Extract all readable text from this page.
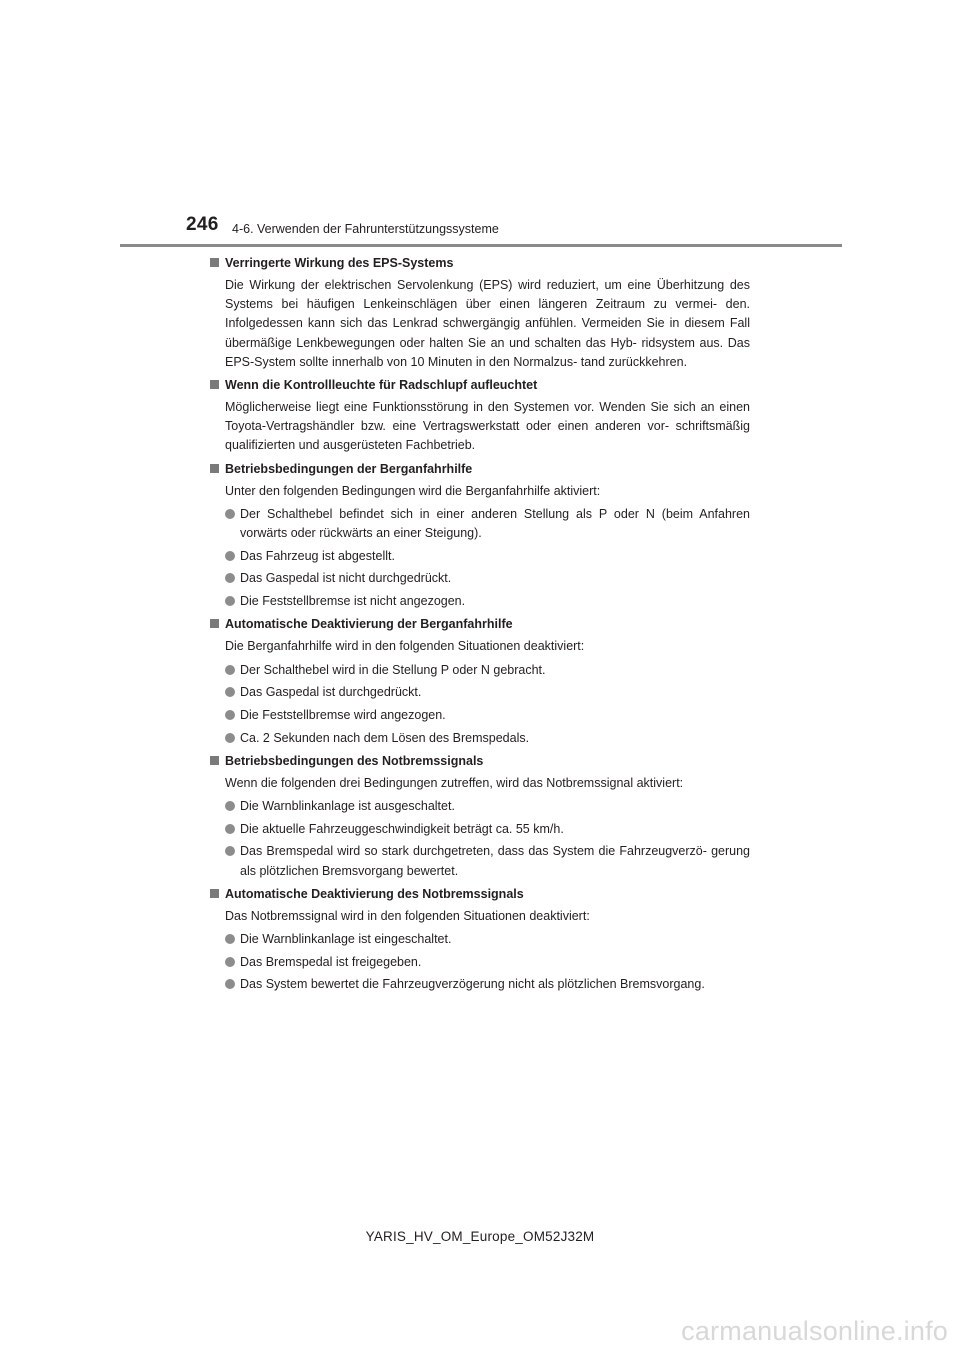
246 4-6. Verwenden der Fahrunterstützungssysteme
Verringerte Wirkung des EPS-Systems
Die Wirkung der elektrischen Servolenkung (EPS) wird reduziert, um eine Überhitzung des Systems bei häufigen Lenkeinschlägen über einen längeren Zeitraum zu vermei- den. Infolgedessen kann sich das Lenkrad schwergängig anfühlen. Vermeiden Sie in diesem Fall übermäßige Lenkbewegungen oder halten Sie an und schalten das Hyb- ridsystem aus. Das EPS-System sollte innerhalb von 10 Minuten in den Normalzus- tand zurückkehren.
Wenn die Kontrollleuchte für Radschlupf aufleuchtet
Möglicherweise liegt eine Funktionsstörung in den Systemen vor. Wenden Sie sich an einen Toyota-Vertragshändler bzw. eine Vertragswerkstatt oder einen anderen vor- schriftsmäßig qualifizierten und ausgerüsteten Fachbetrieb.
Betriebsbedingungen der Berganfahrhilfe
Unter den folgenden Bedingungen wird die Berganfahrhilfe aktiviert:
Der Schalthebel befindet sich in einer anderen Stellung als P oder N (beim Anfahren vorwärts oder rückwärts an einer Steigung).
Das Fahrzeug ist abgestellt.
Das Gaspedal ist nicht durchgedrückt.
Die Feststellbremse ist nicht angezogen.
Automatische Deaktivierung der Berganfahrhilfe
Die Berganfahrhilfe wird in den folgenden Situationen deaktiviert:
Der Schalthebel wird in die Stellung P oder N gebracht.
Das Gaspedal ist durchgedrückt.
Die Feststellbremse wird angezogen.
Ca. 2 Sekunden nach dem Lösen des Bremspedals.
Betriebsbedingungen des Notbremssignals
Wenn die folgenden drei Bedingungen zutreffen, wird das Notbremssignal aktiviert:
Die Warnblinkanlage ist ausgeschaltet.
Die aktuelle Fahrzeuggeschwindigkeit beträgt ca. 55 km/h.
Das Bremspedal wird so stark durchgetreten, dass das System die Fahrzeugverzö- gerung als plötzlichen Bremsvorgang bewertet.
Automatische Deaktivierung des Notbremssignals
Das Notbremssignal wird in den folgenden Situationen deaktiviert:
Die Warnblinkanlage ist eingeschaltet.
Das Bremspedal ist freigegeben.
Das System bewertet die Fahrzeugverzögerung nicht als plötzlichen Bremsvorgang.
YARIS_HV_OM_Europe_OM52J32M
carmanualsonline.info
